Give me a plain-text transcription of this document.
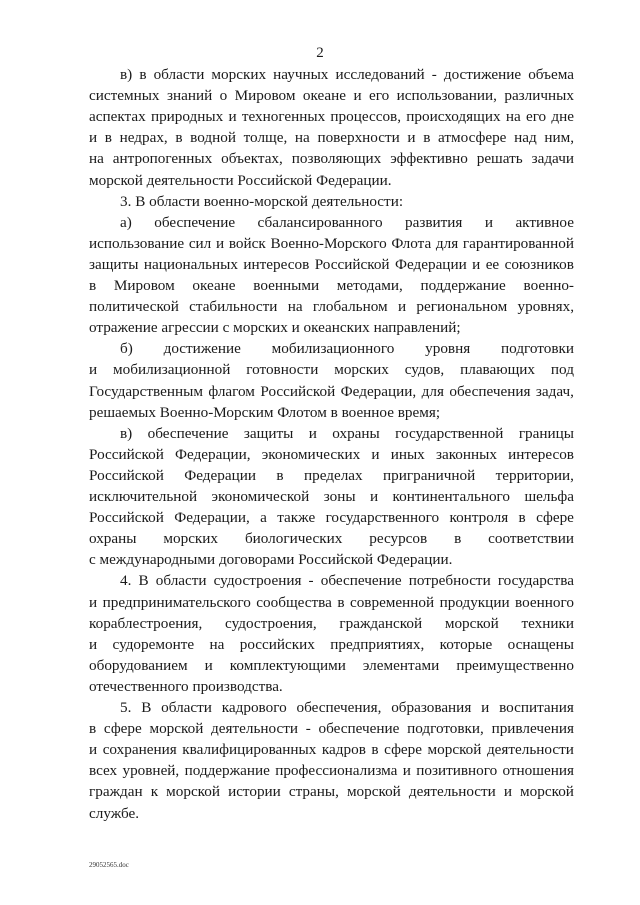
2
в) в области морских научных исследований - достижение объема
системных знаний о Мировом океане и его использовании, различных
аспектах природных и техногенных процессов, происходящих на его дне
и в недрах, в водной толще, на поверхности и в атмосфере над ним,
на антропогенных объектах, позволяющих эффективно решать задачи
морской деятельности Российской Федерации.
3. В области военно-морской деятельности:
а) обеспечение сбалансированного развития и активное
использование сил и войск Военно-Морского Флота для гарантированной
защиты национальных интересов Российской Федерации и ее союзников
в Мировом океане военными методами, поддержание военно-
политической стабильности на глобальном и региональном уровнях,
отражение агрессии с морских и океанских направлений;
б) достижение мобилизационного уровня подготовки
и мобилизационной готовности морских судов, плавающих под
Государственным флагом Российской Федерации, для обеспечения задач,
решаемых Военно-Морским Флотом в военное время;
в) обеспечение защиты и охраны государственной границы
Российской Федерации, экономических и иных законных интересов
Российской Федерации в пределах приграничной территории,
исключительной экономической зоны и континентального шельфа
Российской Федерации, а также государственного контроля в сфере
охраны морских биологических ресурсов в соответствии
с международными договорами Российской Федерации.
4. В области судостроения - обеспечение потребности государства
и предпринимательского сообщества в современной продукции военного
кораблестроения, судостроения, гражданской морской техники
и судоремонте на российских предприятиях, которые оснащены
оборудованием и комплектующими элементами преимущественно
отечественного производства.
5. В области кадрового обеспечения, образования и воспитания
в сфере морской деятельности - обеспечение подготовки, привлечения
и сохранения квалифицированных кадров в сфере морской деятельности
всех уровней, поддержание профессионализма и позитивного отношения
граждан к морской истории страны, морской деятельности и морской
службе.
29052565.doc
